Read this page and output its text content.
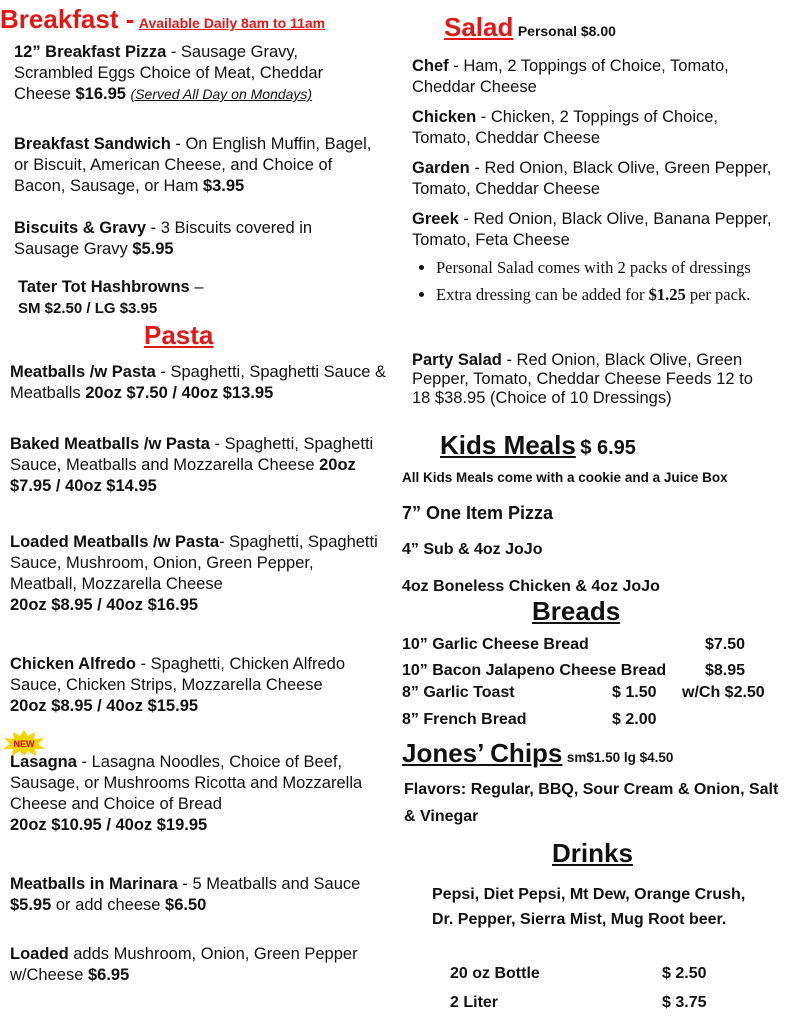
Breakfast - Available Daily 8am to 11am
12” Breakfast Pizza - Sausage Gravy, Scrambled Eggs Choice of Meat, Cheddar Cheese $16.95 (Served All Day on Mondays)
Breakfast Sandwich - On English Muffin, Bagel, or Biscuit, American Cheese, and Choice of Bacon, Sausage, or Ham $3.95
Biscuits & Gravy - 3 Biscuits covered in Sausage Gravy $5.95
Tater Tot Hashbrowns –
SM $2.50 / LG $3.95
Pasta
Meatballs /w Pasta - Spaghetti, Spaghetti Sauce & Meatballs 20oz $7.50 / 40oz $13.95
Baked Meatballs /w Pasta - Spaghetti, Spaghetti Sauce, Meatballs and Mozzarella Cheese 20oz $7.95 / 40oz $14.95
Loaded Meatballs /w Pasta- Spaghetti, Spaghetti Sauce, Mushroom, Onion, Green Pepper, Meatball, Mozzarella Cheese
20oz $8.95 / 40oz $16.95
Chicken Alfredo - Spaghetti, Chicken Alfredo Sauce, Chicken Strips, Mozzarella Cheese
20oz $8.95 / 40oz $15.95
NEW
Lasagna - Lasagna Noodles, Choice of Beef, Sausage, or Mushrooms Ricotta and Mozzarella Cheese and Choice of Bread
20oz $10.95 / 40oz $19.95
Meatballs in Marinara - 5 Meatballs and Sauce $5.95 or add cheese $6.50
Loaded adds Mushroom, Onion, Green Pepper w/Cheese $6.95
Salad Personal $8.00
Chef - Ham, 2 Toppings of Choice, Tomato, Cheddar Cheese
Chicken - Chicken, 2 Toppings of Choice, Tomato, Cheddar Cheese
Garden - Red Onion, Black Olive, Green Pepper, Tomato, Cheddar Cheese
Greek - Red Onion, Black Olive, Banana Pepper, Tomato, Feta Cheese
• Personal Salad comes with 2 packs of dressings
• Extra dressing can be added for $1.25 per pack.
Party Salad - Red Onion, Black Olive, Green Pepper, Tomato, Cheddar Cheese Feeds 12 to 18 $38.95 (Choice of 10 Dressings)
Kids Meals $ 6.95
All Kids Meals come with a cookie and a Juice Box
7” One Item Pizza
4” Sub & 4oz JoJo
4oz Boneless Chicken & 4oz JoJo
Breads
10” Garlic Cheese Bread	$7.50
10” Bacon Jalapeno Cheese Bread $8.95
8” Garlic Toast	$ 1.50 w/Ch $2.50
8” French Bread	$ 2.00
Jones’ Chips sm$1.50 lg $4.50
Flavors: Regular, BBQ, Sour Cream & Onion, Salt & Vinegar
Drinks
Pepsi, Diet Pepsi, Mt Dew, Orange Crush, Dr. Pepper, Sierra Mist, Mug Root beer.
20 oz Bottle	$ 2.50
2 Liter	$ 3.75
